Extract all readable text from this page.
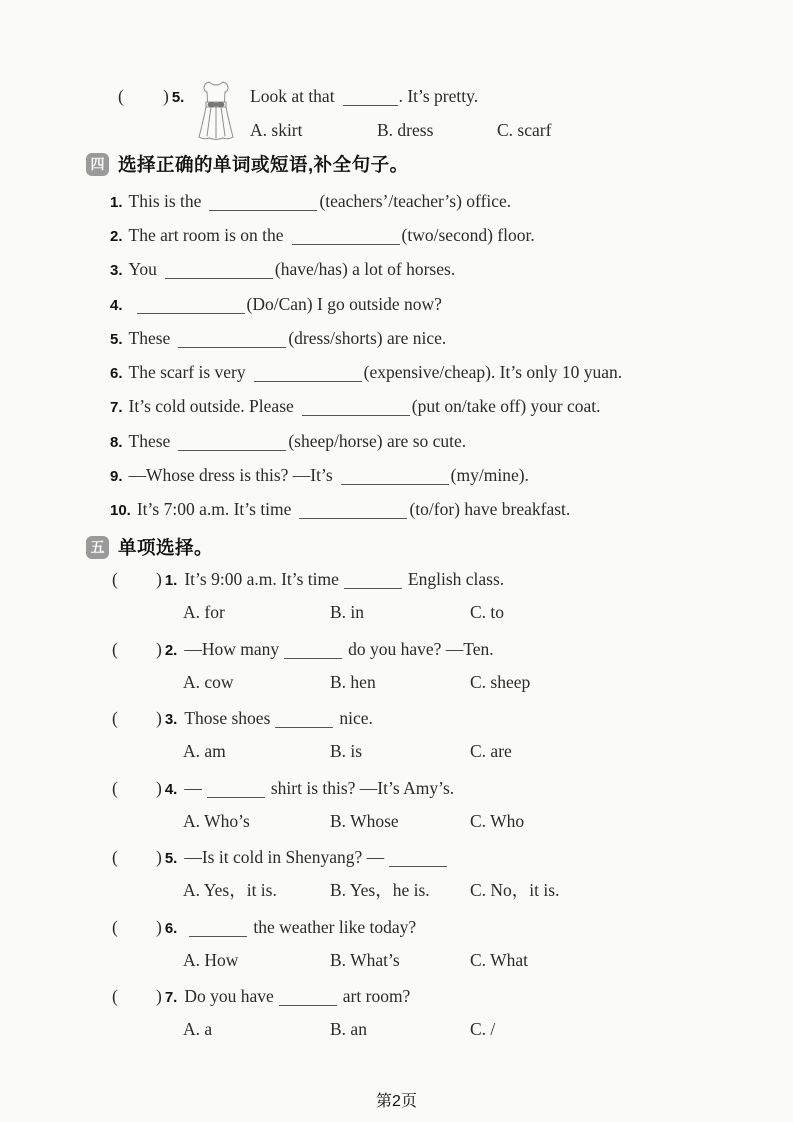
( ) 5.	Look at that	. It’s pretty.
A. skirt	B. dress	C. scarf
四 选择正确的单词或短语,补全句子。
1. This is the	(teachers’/teacher’s) office.
2. The art room is on the	(two/second) floor.
3. You	(have/has) a lot of horses.
4.	(Do/Can) I go outside now?
5. These	(dress/shorts) are nice.
6. The scarf is very	(expensive/cheap). It’s only 10 yuan.
7. It’s cold outside. Please	(put on/take off) your coat.
8. These	(sheep/horse) are so cute.
9. —Whose dress is this? —It’s	(my/mine).
10. It’s 7:00 a.m. It’s time	(to/for) have breakfast.
五 单项选择。
( ) 1. It’s 9:00 a.m. It’s time	English class.
A. for	B. in	C. to
( ) 2. —How many	do you have? —Ten.
A. cow	B. hen	C. sheep
( ) 3. Those shoes	nice.
A. am	B. is	C. are
( ) 4. —	shirt is this? —It’s Amy’s.
A. Who’s	B. Whose	C. Who
( ) 5. —Is it cold in Shenyang? —
A. Yes，it is.	B. Yes，he is. C. No，it is.
( ) 6.	the weather like today?
A. How	B. What’s	C. What
( ) 7. Do you have	art room?
A. a	B. an	C. /
第2页
